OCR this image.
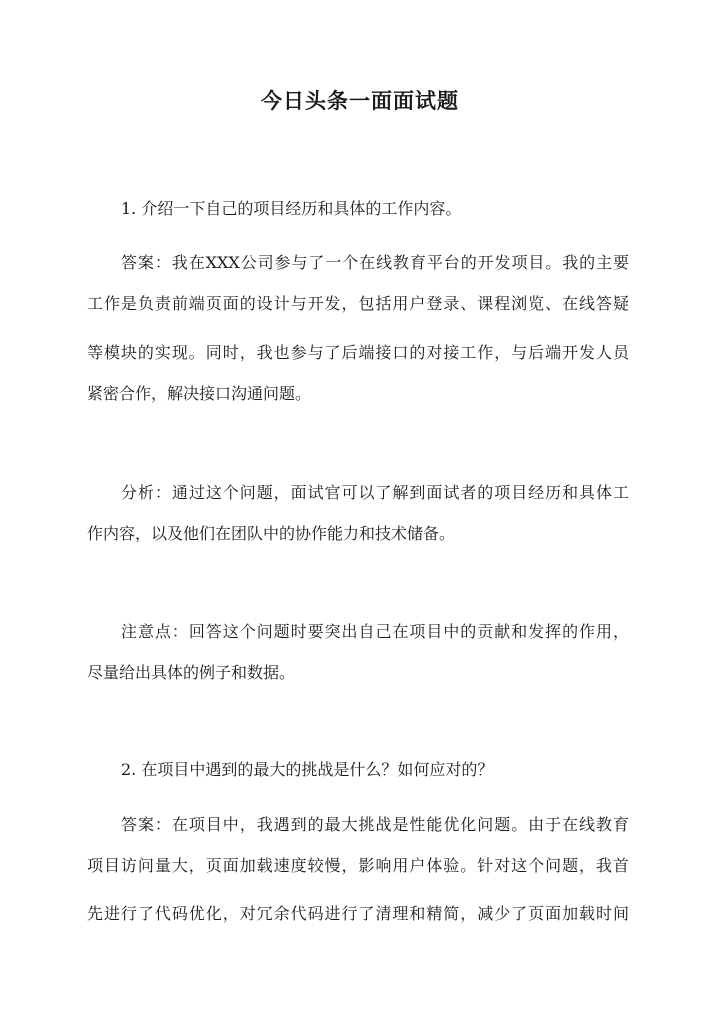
今日头条一面面试题
1. 介绍一下自己的项目经历和具体的工作内容。
答案：我在XXX公司参与了一个在线教育平台的开发项目。我的主要
工作是负责前端页面的设计与开发，包括用户登录、课程浏览、在线答疑
等模块的实现。同时，我也参与了后端接口的对接工作，与后端开发人员
紧密合作，解决接口沟通问题。
分析：通过这个问题，面试官可以了解到面试者的项目经历和具体工
作内容，以及他们在团队中的协作能力和技术储备。
注意点：回答这个问题时要突出自己在项目中的贡献和发挥的作用，
尽量给出具体的例子和数据。
2. 在项目中遇到的最大的挑战是什么？如何应对的？
答案：在项目中，我遇到的最大挑战是性能优化问题。由于在线教育
项目访问量大，页面加载速度较慢，影响用户体验。针对这个问题，我首
先进行了代码优化，对冗余代码进行了清理和精简，减少了页面加载时间
